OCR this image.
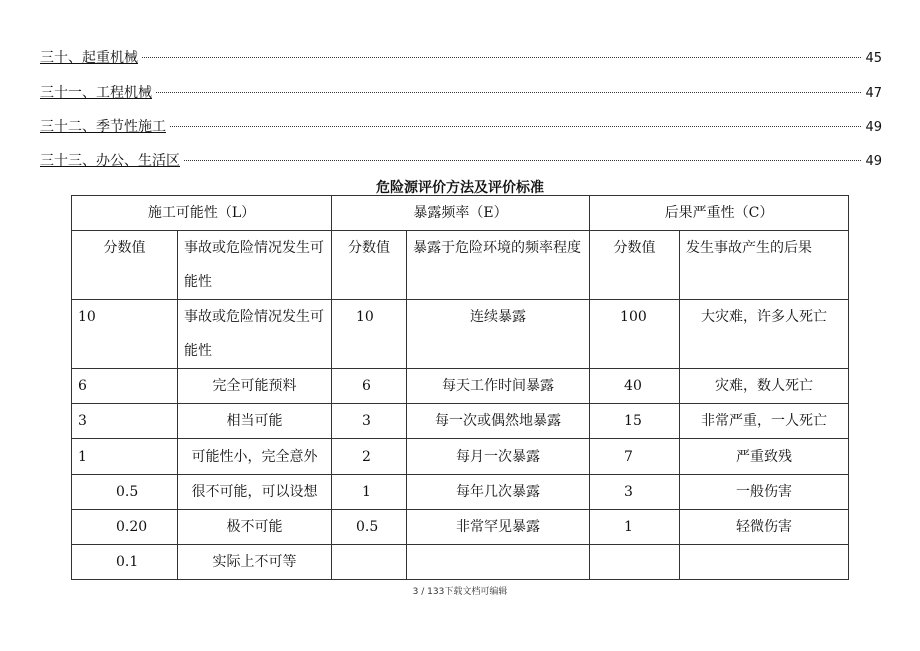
三十、起重机械	45
三十一、工程机械	47
三十二、季节性施工	49
三十三、办公、生活区	49
危险源评价方法及评价标准
施工可能性（L）		暴露频率（E）		后果严重性（C）	
分数值	事故或危险情况发生可能性	分数值	暴露于危险环境的频率程度	分数值	发生事故产生的后果
10	事故或危险情况发生可能性	10	连续暴露	100	大灾难，许多人死亡
6	完全可能预料	6	每天工作时间暴露	40	灾难，数人死亡
3	相当可能	3	每一次或偶然地暴露	15	非常严重，一人死亡
1	可能性小，完全意外	2	每月一次暴露	7	严重致残
0.5	很不可能，可以设想	1	每年几次暴露	3	一般伤害
0.20	极不可能	0.5	非常罕见暴露	1	轻微伤害
0.1	实际上不可等				
3 / 133下载文档可编辑
